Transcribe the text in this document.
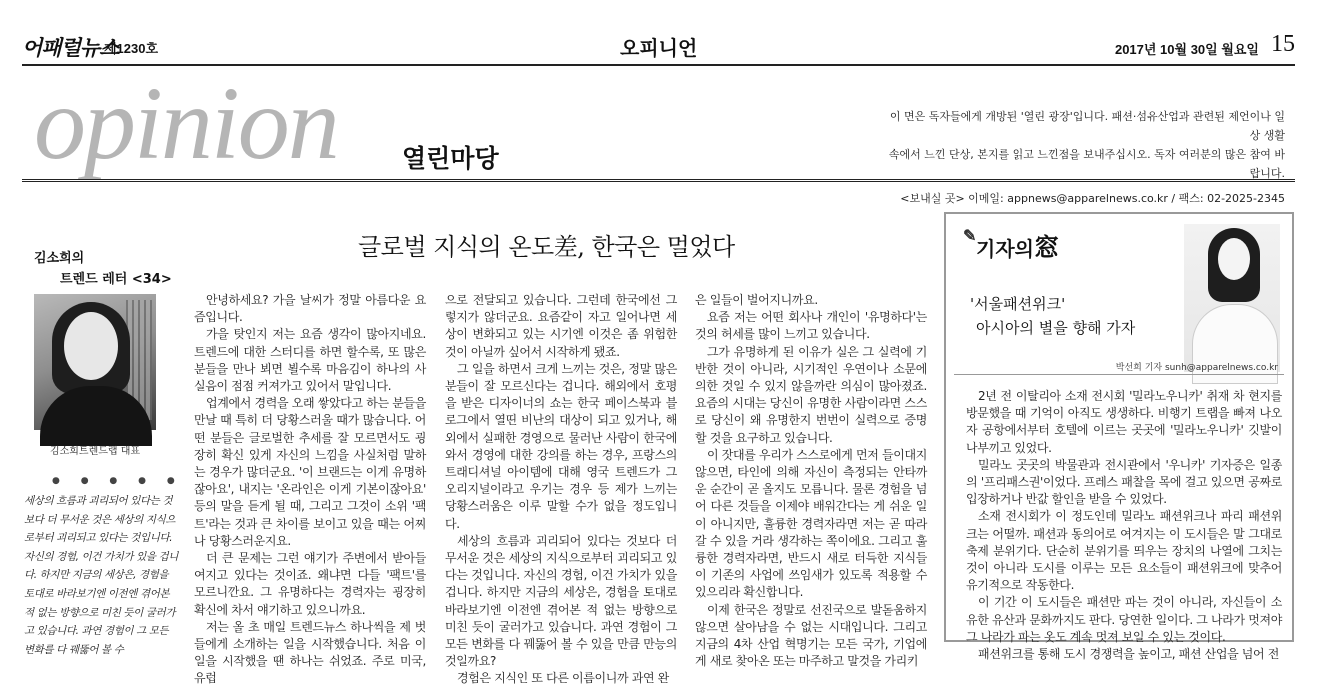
어패럴뉴스
제1230호	오피니언	2017년 10월 30일 월요일 15
opinion	열린마당
이 면은 독자들에게 개방된 '열린 광장'입니다. 패션·섬유산업과 관련된 제언이나 일상 생활
속에서 느낀 단상, 본지를 읽고 느낀점을 보내주십시오. 독자 여러분의 많은 참여 바랍니다.
<보내실 곳> 이메일: appnews@apparelnews.co.kr / 팩스: 02-2025-2345
글로벌 지식의 온도差, 한국은 멀었다
김소희의
트렌드 레터 <34>
김소희트렌드랩 대표
● ● ● ● ●
세상의 흐름과 괴리되어 있다는 것보다 더 무서운 것은 세상의 지식으로부터 괴리되고 있다는 것입니다. 자신의 경험, 이건 가치가 있을 겁니다. 하지만 지금의 세상은, 경험을 토대로 바라보기엔 이전엔 겪어본 적 없는 방향으로 미친 듯이 굴러가고 있습니다. 과연 경험이 그 모든 변화를 다 꿰뚫어 볼 수

안녕하세요? 가을 날씨가 정말 아름다운 요즘입니다.

가을 탓인지 저는 요즘 생각이 많아지네요. 트렌드에 대한 스터디를 하면 할수록, 또 많은 분들을 만나 뵈면 뵐수록 마음김이 하나의 사실음이 점점 커져가고 있어서 말입니다.

업계에서 경력을 오래 쌓았다고 하는 분들을 만날 때 특히 더 당황스러울 때가 많습니다. 어떤 분들은 글로벌한 추세를 잘 모르면서도 굉장히 확신 있게 자신의 느낌을 사실처럼 말하는 경우가 많더군요. '이 브랜드는 이게 유명하잖아요', 내지는 '온라인은 이게 기본이잖아요' 등의 말을 듣게 될 때, 그리고 그것이 소위 '팩트'라는 것과 큰 차이를 보이고 있을 때는 어찌나 당황스러운지요.

더 큰 문제는 그런 얘기가 주변에서 받아들여지고 있다는 것이죠. 왜냐면 다들 '팩트'를 모르니깐요. 그 유명하다는 경력자는 굉장히 확신에 차서 얘기하고 있으니까요.

저는 올 초 매일 트렌드뉴스 하나씩을 제 벗들에게 소개하는 일을 시작했습니다. 처음 이 일을 시작했을 땐 하나는 쉬었죠. 주로 미국, 유럽

으로 전달되고 있습니다. 그런데 한국에선 그렇지가 않더군요. 요즘같이 자고 일어나면 세상이 변화되고 있는 시기엔 이것은 좀 위험한 것이 아닐까 싶어서 시작하게 됐죠.

그 일을 하면서 크게 느끼는 것은, 정말 많은 분들이 잘 모르신다는 겁니다. 해외에서 호평을 받은 디자이너의 쇼는 한국 페이스북과 블로그에서 열띤 비난의 대상이 되고 있거나, 해외에서 실패한 경영으로 물러난 사람이 한국에 와서 경영에 대한 강의를 하는 경우, 프랑스의 트래디셔널 아이템에 대해 영국 트렌드가 그 오리지널이라고 우기는 경우 등 제가 느끼는 당황스러움은 이루 말할 수가 없을 정도입니다.

세상의 흐름과 괴리되어 있다는 것보다 더 무서운 것은 세상의 지식으로부터 괴리되고 있다는 것입니다. 자신의 경험, 이건 가치가 있을 겁니다. 하지만 지금의 세상은, 경험을 토대로 바라보기엔 이전엔 겪어본 적 없는 방향으로 미친 듯이 굴러가고 있습니다. 과연 경험이 그 모든 변화를 다 꿰뚫어 볼 수 있을 만큼 만능의 것일까요?

경험은 지식인 또 다른 이름이니까 과연 완

은 일들이 벌어지니까요.

요즘 저는 어떤 회사나 개인이 '유명하다'는 것의 허세를 많이 느끼고 있습니다.

그가 유명하게 된 이유가 실은 그 실력에 기반한 것이 아니라, 시기적인 우연이나 소문에 의한 것일 수 있지 않을까란 의심이 많아졌죠. 요즘의 시대는 당신이 유명한 사람이라면 스스로 당신이 왜 유명한지 번번이 실력으로 증명할 것을 요구하고 있습니다.

이 잣대를 우리가 스스로에게 먼저 들이대지 않으면, 타인에 의해 자신이 측정되는 안타까운 순간이 곧 올지도 모릅니다. 물론 경험을 넘어 다른 것들을 이제야 배워간다는 게 쉬운 일이 아니지만, 훌륭한 경력자라면 저는 곧 따라갈 수 있을 거라 생각하는 쪽이에요. 그리고 훌륭한 경력자라면, 반드시 새로 터득한 지식들이 기존의 사업에 쓰임새가 있도록 적용할 수 있으리라 확신합니다.

이제 한국은 정말로 선진국으로 발돋움하지 않으면 살아남을 수 없는 시대입니다. 그리고 지금의 4차 산업 혁명기는 모든 국가, 기업에 게 새로 찾아온 또는 마주하고 말것을 가리키

✎
기자의窓
'서울패션위크'
아시아의 별을 향해 가자
박선희 기자 sunh@apparelnews.co.kr

2년 전 이탈리아 소재 전시회 '밀라노우니카' 취재 차 현지를 방문했을 때 기억이 아직도 생생하다. 비행기 트랩을 빠져 나오자 공항에서부터 호텔에 이르는 곳곳에 '밀라노우니카' 깃발이 나부끼고 있었다.

밀라노 곳곳의 박물관과 전시관에서 '우니카' 기자증은 일종의 '프리패스권'이었다. 프레스 패찰을 목에 걸고 있으면 공짜로 입장하거나 반값 할인을 받을 수 있었다.

소재 전시회가 이 정도인데 밀라노 패션위크나 파리 패션위크는 어떨까. 패션과 동의어로 여겨지는 이 도시들은 말 그대로 축제 분위기다. 단순히 분위기를 띄우는 장치의 나열에 그치는 것이 아니라 도시를 이루는 모든 요소들이 패션위크에 맞추어 유기적으로 작동한다.

이 기간 이 도시들은 패션만 파는 것이 아니라, 자신들이 소유한 유산과 문화까지도 판다. 당연한 일이다. 그 나라가 멋져야 그 나라가 파는 옷도 계속 멋져 보일 수 있는 것이다.

패션위크를 통해 도시 경쟁력을 높이고, 패션 산업을 넘어 전
